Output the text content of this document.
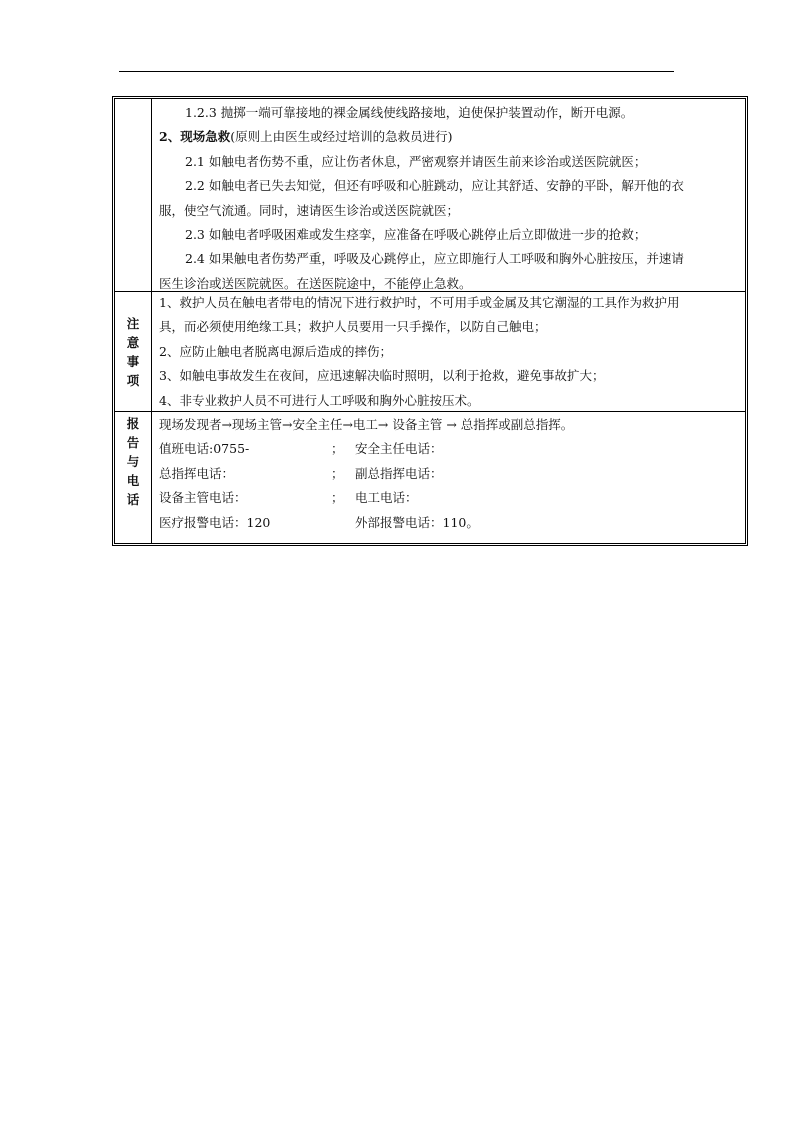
1.2.3 抛掷一端可靠接地的裸金属线使线路接地，迫使保护装置动作，断开电源。
2、现场急救(原则上由医生或经过培训的急救员进行)
2.1 如触电者伤势不重，应让伤者休息，严密观察并请医生前来诊治或送医院就医；
2.2 如触电者已失去知觉，但还有呼吸和心脏跳动，应让其舒适、安静的平卧，解开他的衣
服，使空气流通。同时，速请医生诊治或送医院就医；
2.3 如触电者呼吸困难或发生痉挛，应准备在呼吸心跳停止后立即做进一步的抢救；
2.4 如果触电者伤势严重，呼吸及心跳停止，应立即施行人工呼吸和胸外心脏按压，并速请
医生诊治或送医院就医。在送医院途中，不能停止急救。
注
意
事
项
1、救护人员在触电者带电的情况下进行救护时，不可用手或金属及其它潮湿的工具作为救护用
具，而必须使用绝缘工具；救护人员要用一只手操作，以防自己触电；
2、应防止触电者脱离电源后造成的摔伤；
3、如触电事故发生在夜间，应迅速解决临时照明，以利于抢救，避免事故扩大；
4、非专业救护人员不可进行人工呼吸和胸外心脏按压术。
报
告
与
电
话
现场发现者→现场主管→安全主任→电工→ 设备主管 → 总指挥或副总指挥。
值班电话:0755-	； 安全主任电话：
总指挥电话：	； 副总指挥电话：
设备主管电话：	； 电工电话：
医疗报警电话：120	外部报警电话：110。
